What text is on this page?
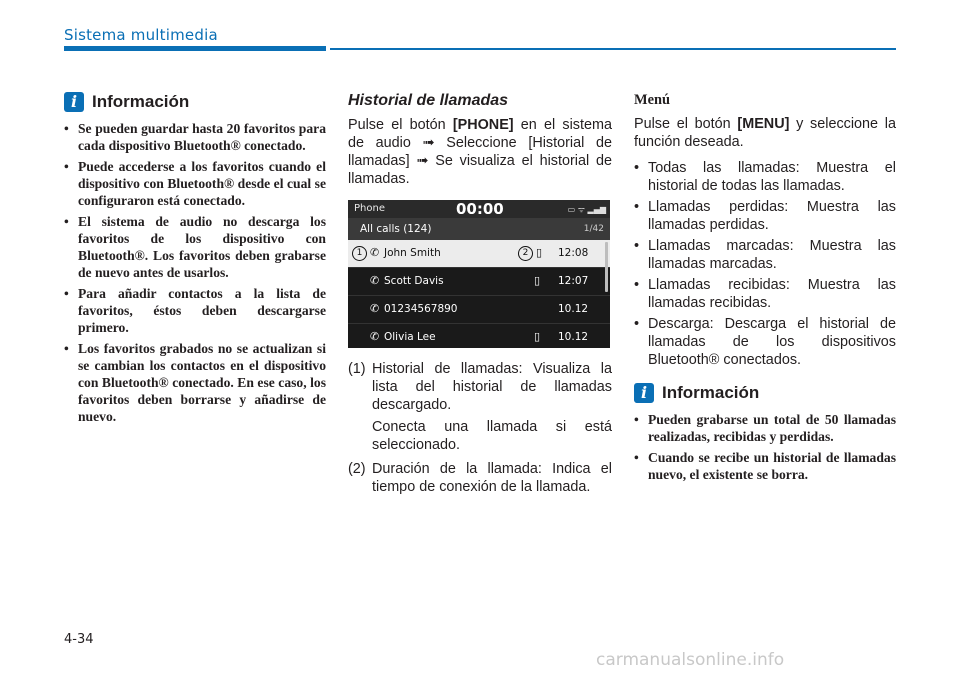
Sistema multimedia
i Información
• Se pueden guardar hasta 20 favoritos para cada dispositivo Bluetooth® conectado.
• Puede accederse a los favoritos cuando el dispositivo con Bluetooth® desde el cual se configuraron está conectado.
• El sistema de audio no descarga los favoritos de los dispositivo con Bluetooth®. Los favoritos deben grabarse de nuevo antes de usarlos.
• Para añadir contactos a la lista de favoritos, éstos deben descargarse primero.
• Los favoritos grabados no se actualizan si se cambian los contactos en el dispositivo con Bluetooth® conectado. En ese caso, los favoritos deben borrarse y añadirse de nuevo.
Historial de llamadas

Pulse el botón [PHONE] en el sistema de audio ➟ Seleccione [Historial de llamadas] ➟ Se visualiza el historial de llamadas.

Phone	00:00	▭ ᯤ ▂▄▆
All calls (124)	1/42
1 ✆ John Smith	2 ▯ 12:08
✆ Scott Davis	▯ 12:07
✆ 01234567890	10.12
✆ Olivia Lee	▯ 10.12
(1) Historial de llamadas: Visualiza la lista del historial de llamadas descargado.
Conecta una llamada si está seleccionado.
(2) Duración de la llamada: Indica el tiempo de conexión de la llamada.
Menú

Pulse el botón [MENU] y seleccione la función deseada.

• Todas las llamadas: Muestra el historial de todas las llamadas.
• Llamadas perdidas: Muestra las llamadas perdidas.
• Llamadas marcadas: Muestra las llamadas marcadas.
• Llamadas recibidas: Muestra las llamadas recibidas.
• Descarga: Descarga el historial de llamadas de los dispositivos Bluetooth® conectados.
i Información
• Pueden grabarse un total de 50 llamadas realizadas, recibidas y perdidas.
• Cuando se recibe un historial de llamadas nuevo, el existente se borra.
4-34
carmanualsonline.info
